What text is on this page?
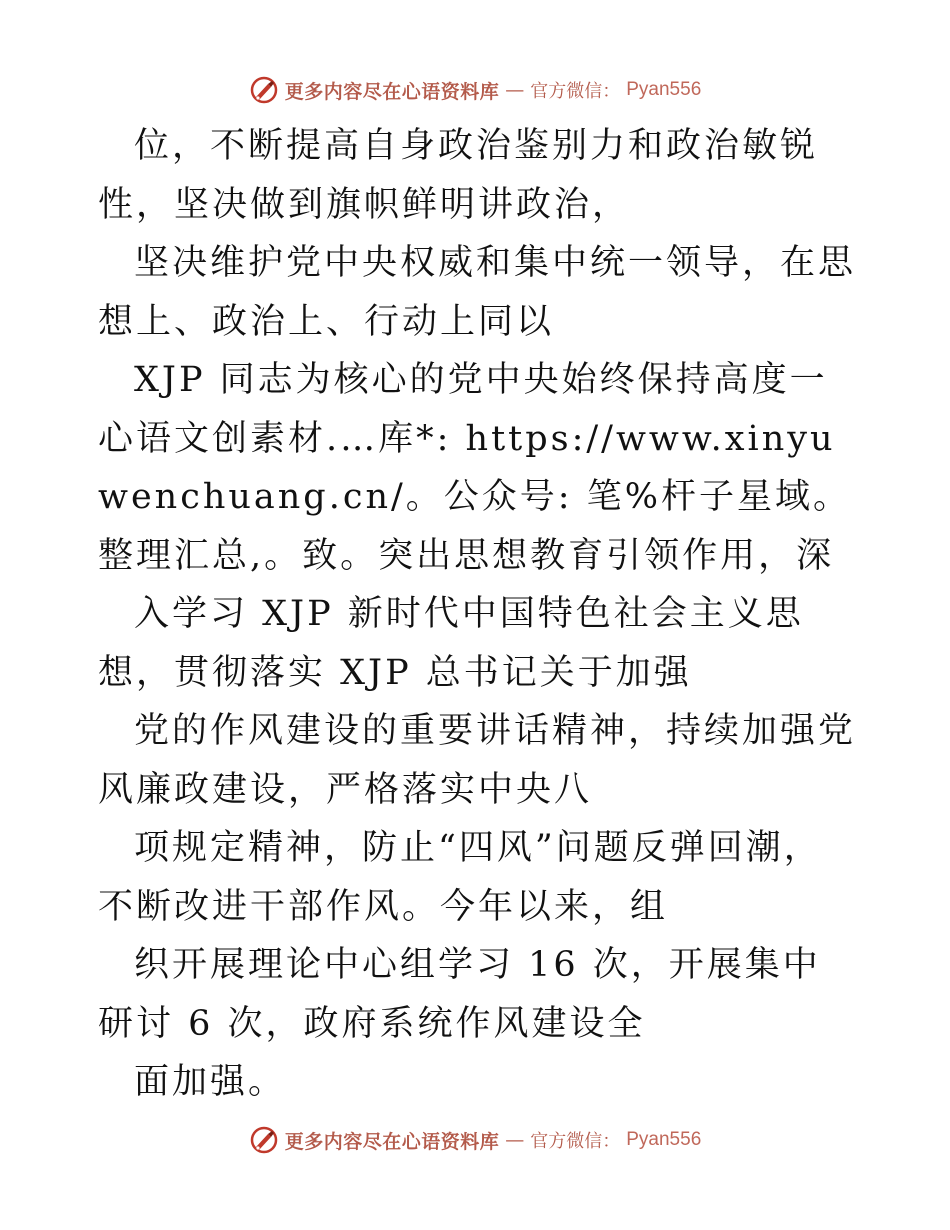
更多内容尽在心语资料库 — 官方微信： Pyan556

位，不断提高自身政治鉴别力和政治敏锐性，坚决做到旗帜鲜明讲政治，

坚决维护党中央权威和集中统一领导，在思想上、政治上、行动上同以

XJP 同志为核心的党中央始终保持高度一心语文创素材.…库*: https://www.xinyuwenchuang.cn/。公众号: 笔%杆子星域。整理汇总,。致。突出思想教育引领作用，深

入学习 XJP 新时代中国特色社会主义思想，贯彻落实 XJP 总书记关于加强

党的作风建设的重要讲话精神，持续加强党风廉政建设，严格落实中央八

项规定精神，防止“四风”问题反弹回潮，不断改进干部作风。今年以来，组

织开展理论中心组学习 16 次，开展集中研讨 6 次，政府系统作风建设全

面加强。

更多内容尽在心语资料库 — 官方微信： Pyan556
